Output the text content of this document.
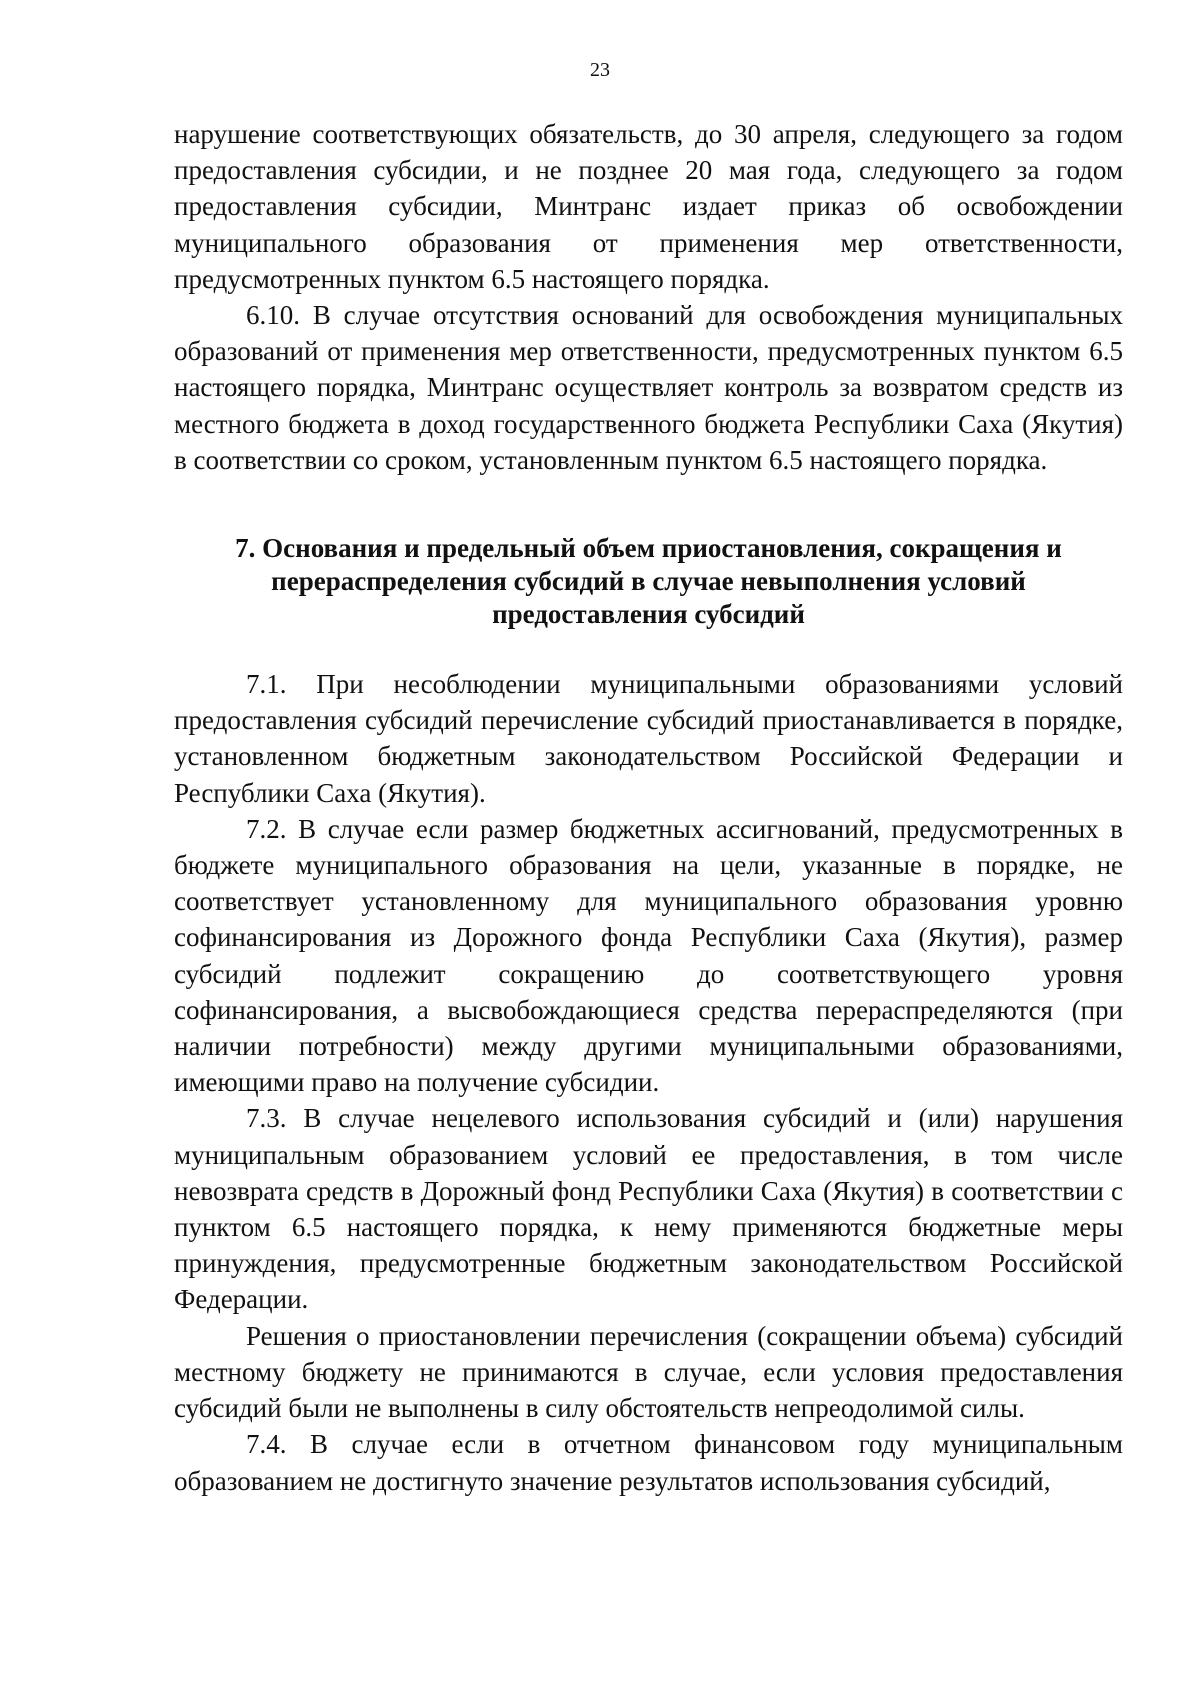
23

нарушение соответствующих обязательств, до 30 апреля, следующего за годом предоставления субсидии, и не позднее 20 мая года, следующего за годом предоставления субсидии, Минтранс издает приказ об освобождении муниципального образования от применения мер ответственности, предусмотренных пунктом 6.5 настоящего порядка.

6.10. В случае отсутствия оснований для освобождения муниципальных образований от применения мер ответственности, предусмотренных пунктом 6.5 настоящего порядка, Минтранс осуществляет контроль за возвратом средств из местного бюджета в доход государственного бюджета Республики Саха (Якутия) в соответствии со сроком, установленным пунктом 6.5 настоящего порядка.

7. Основания и предельный объем приостановления, сокращения и перераспределения субсидий в случае невыполнения условий предоставления субсидий

7.1. При несоблюдении муниципальными образованиями условий предоставления субсидий перечисление субсидий приостанавливается в порядке, установленном бюджетным законодательством Российской Федерации и Республики Саха (Якутия).

7.2. В случае если размер бюджетных ассигнований, предусмотренных в бюджете муниципального образования на цели, указанные в порядке, не соответствует установленному для муниципального образования уровню софинансирования из Дорожного фонда Республики Саха (Якутия), размер субсидий подлежит сокращению до соответствующего уровня софинансирования, а высвобождающиеся средства перераспределяются (при наличии потребности) между другими муниципальными образованиями, имеющими право на получение субсидии.

7.3. В случае нецелевого использования субсидий и (или) нарушения муниципальным образованием условий ее предоставления, в том числе невозврата средств в Дорожный фонд Республики Саха (Якутия) в соответствии с пунктом 6.5 настоящего порядка, к нему применяются бюджетные меры принуждения, предусмотренные бюджетным законодательством Российской Федерации.

Решения о приостановлении перечисления (сокращении объема) субсидий местному бюджету не принимаются в случае, если условия предоставления субсидий были не выполнены в силу обстоятельств непреодолимой силы.

7.4. В случае если в отчетном финансовом году муниципальным образованием не достигнуто значение результатов использования субсидий,
